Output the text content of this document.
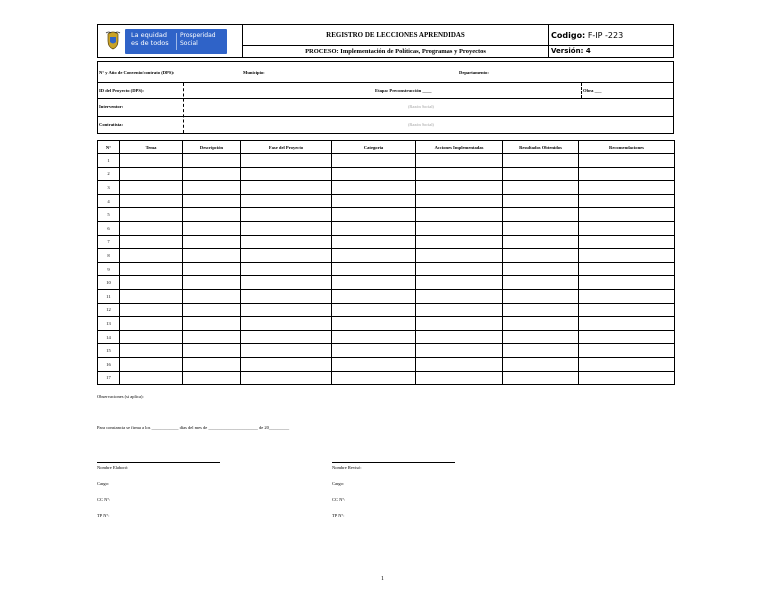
La equidad
es de todos
Prosperidad
Social
REGISTRO DE LECCIONES APRENDIDAS
PROCESO: Implementación de Políticas, Programas y Proyectos
Codigo: F-IP -223
Versión: 4
N° y Año de Convenio/contrato (DPS):	Municipio:	Departamento:
ID del Proyecto (DPS):	Etapa: Preconstrucción ____	Obra ___
Interventor:	(Razón Social)
Contratista:	(Razón Social)
N°	Tema	Descripción	Fase del Proyecto	Categoria	Acciones Implementadas	Resultados Obtenidos	Recomendaciones
1							
2							
3							
4							
5							
6							
7							
8							
9							
10							
11							
12							
13							
14							
15							
16							
17							
Observaciones (si aplica):
Para constancia se firma a los ____________ días del mes de ______________________ de 20_________
Nombre Elaboró:
Cargo:
CC N°:
TP N°:
Nombre Revisó:
Cargo:
CC N°:
TP N°:
1
